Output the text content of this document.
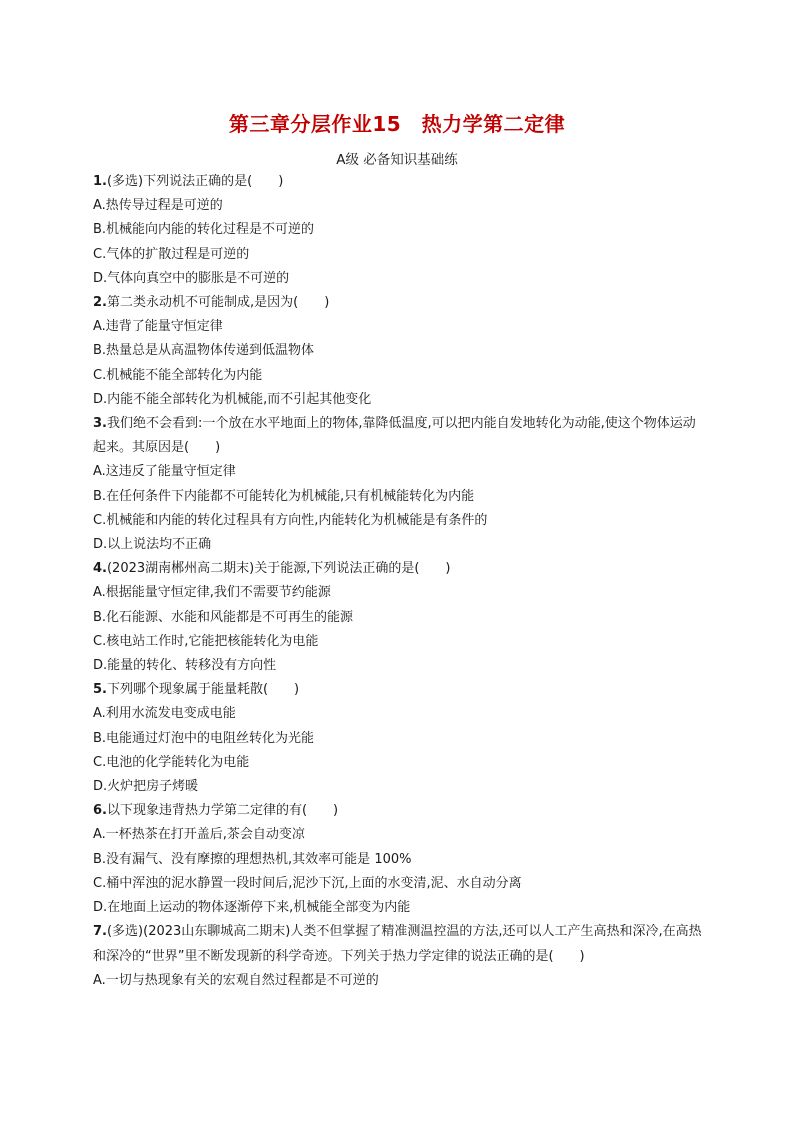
第三章分层作业15　热力学第二定律
A级 必备知识基础练
1.(多选)下列说法正确的是(　　)
A.热传导过程是可逆的
B.机械能向内能的转化过程是不可逆的
C.气体的扩散过程是可逆的
D.气体向真空中的膨胀是不可逆的
2.第二类永动机不可能制成,是因为(　　)
A.违背了能量守恒定律
B.热量总是从高温物体传递到低温物体
C.机械能不能全部转化为内能
D.内能不能全部转化为机械能,而不引起其他变化
3.我们绝不会看到:一个放在水平地面上的物体,靠降低温度,可以把内能自发地转化为动能,使这个物体运动起来。其原因是(　　)
A.这违反了能量守恒定律
B.在任何条件下内能都不可能转化为机械能,只有机械能转化为内能
C.机械能和内能的转化过程具有方向性,内能转化为机械能是有条件的
D.以上说法均不正确
4.(2023湖南郴州高二期末)关于能源,下列说法正确的是(　　)
A.根据能量守恒定律,我们不需要节约能源
B.化石能源、水能和风能都是不可再生的能源
C.核电站工作时,它能把核能转化为电能
D.能量的转化、转移没有方向性
5.下列哪个现象属于能量耗散(　　)
A.利用水流发电变成电能
B.电能通过灯泡中的电阻丝转化为光能
C.电池的化学能转化为电能
D.火炉把房子烤暖
6.以下现象违背热力学第二定律的有(　　)
A.一杯热茶在打开盖后,茶会自动变凉
B.没有漏气、没有摩擦的理想热机,其效率可能是 100%
C.桶中浑浊的泥水静置一段时间后,泥沙下沉,上面的水变清,泥、水自动分离
D.在地面上运动的物体逐渐停下来,机械能全部变为内能
7.(多选)(2023山东聊城高二期末)人类不但掌握了精准测温控温的方法,还可以人工产生高热和深冷,在高热和深冷的“世界”里不断发现新的科学奇迹。下列关于热力学定律的说法正确的是(　　)
A.一切与热现象有关的宏观自然过程都是不可逆的
